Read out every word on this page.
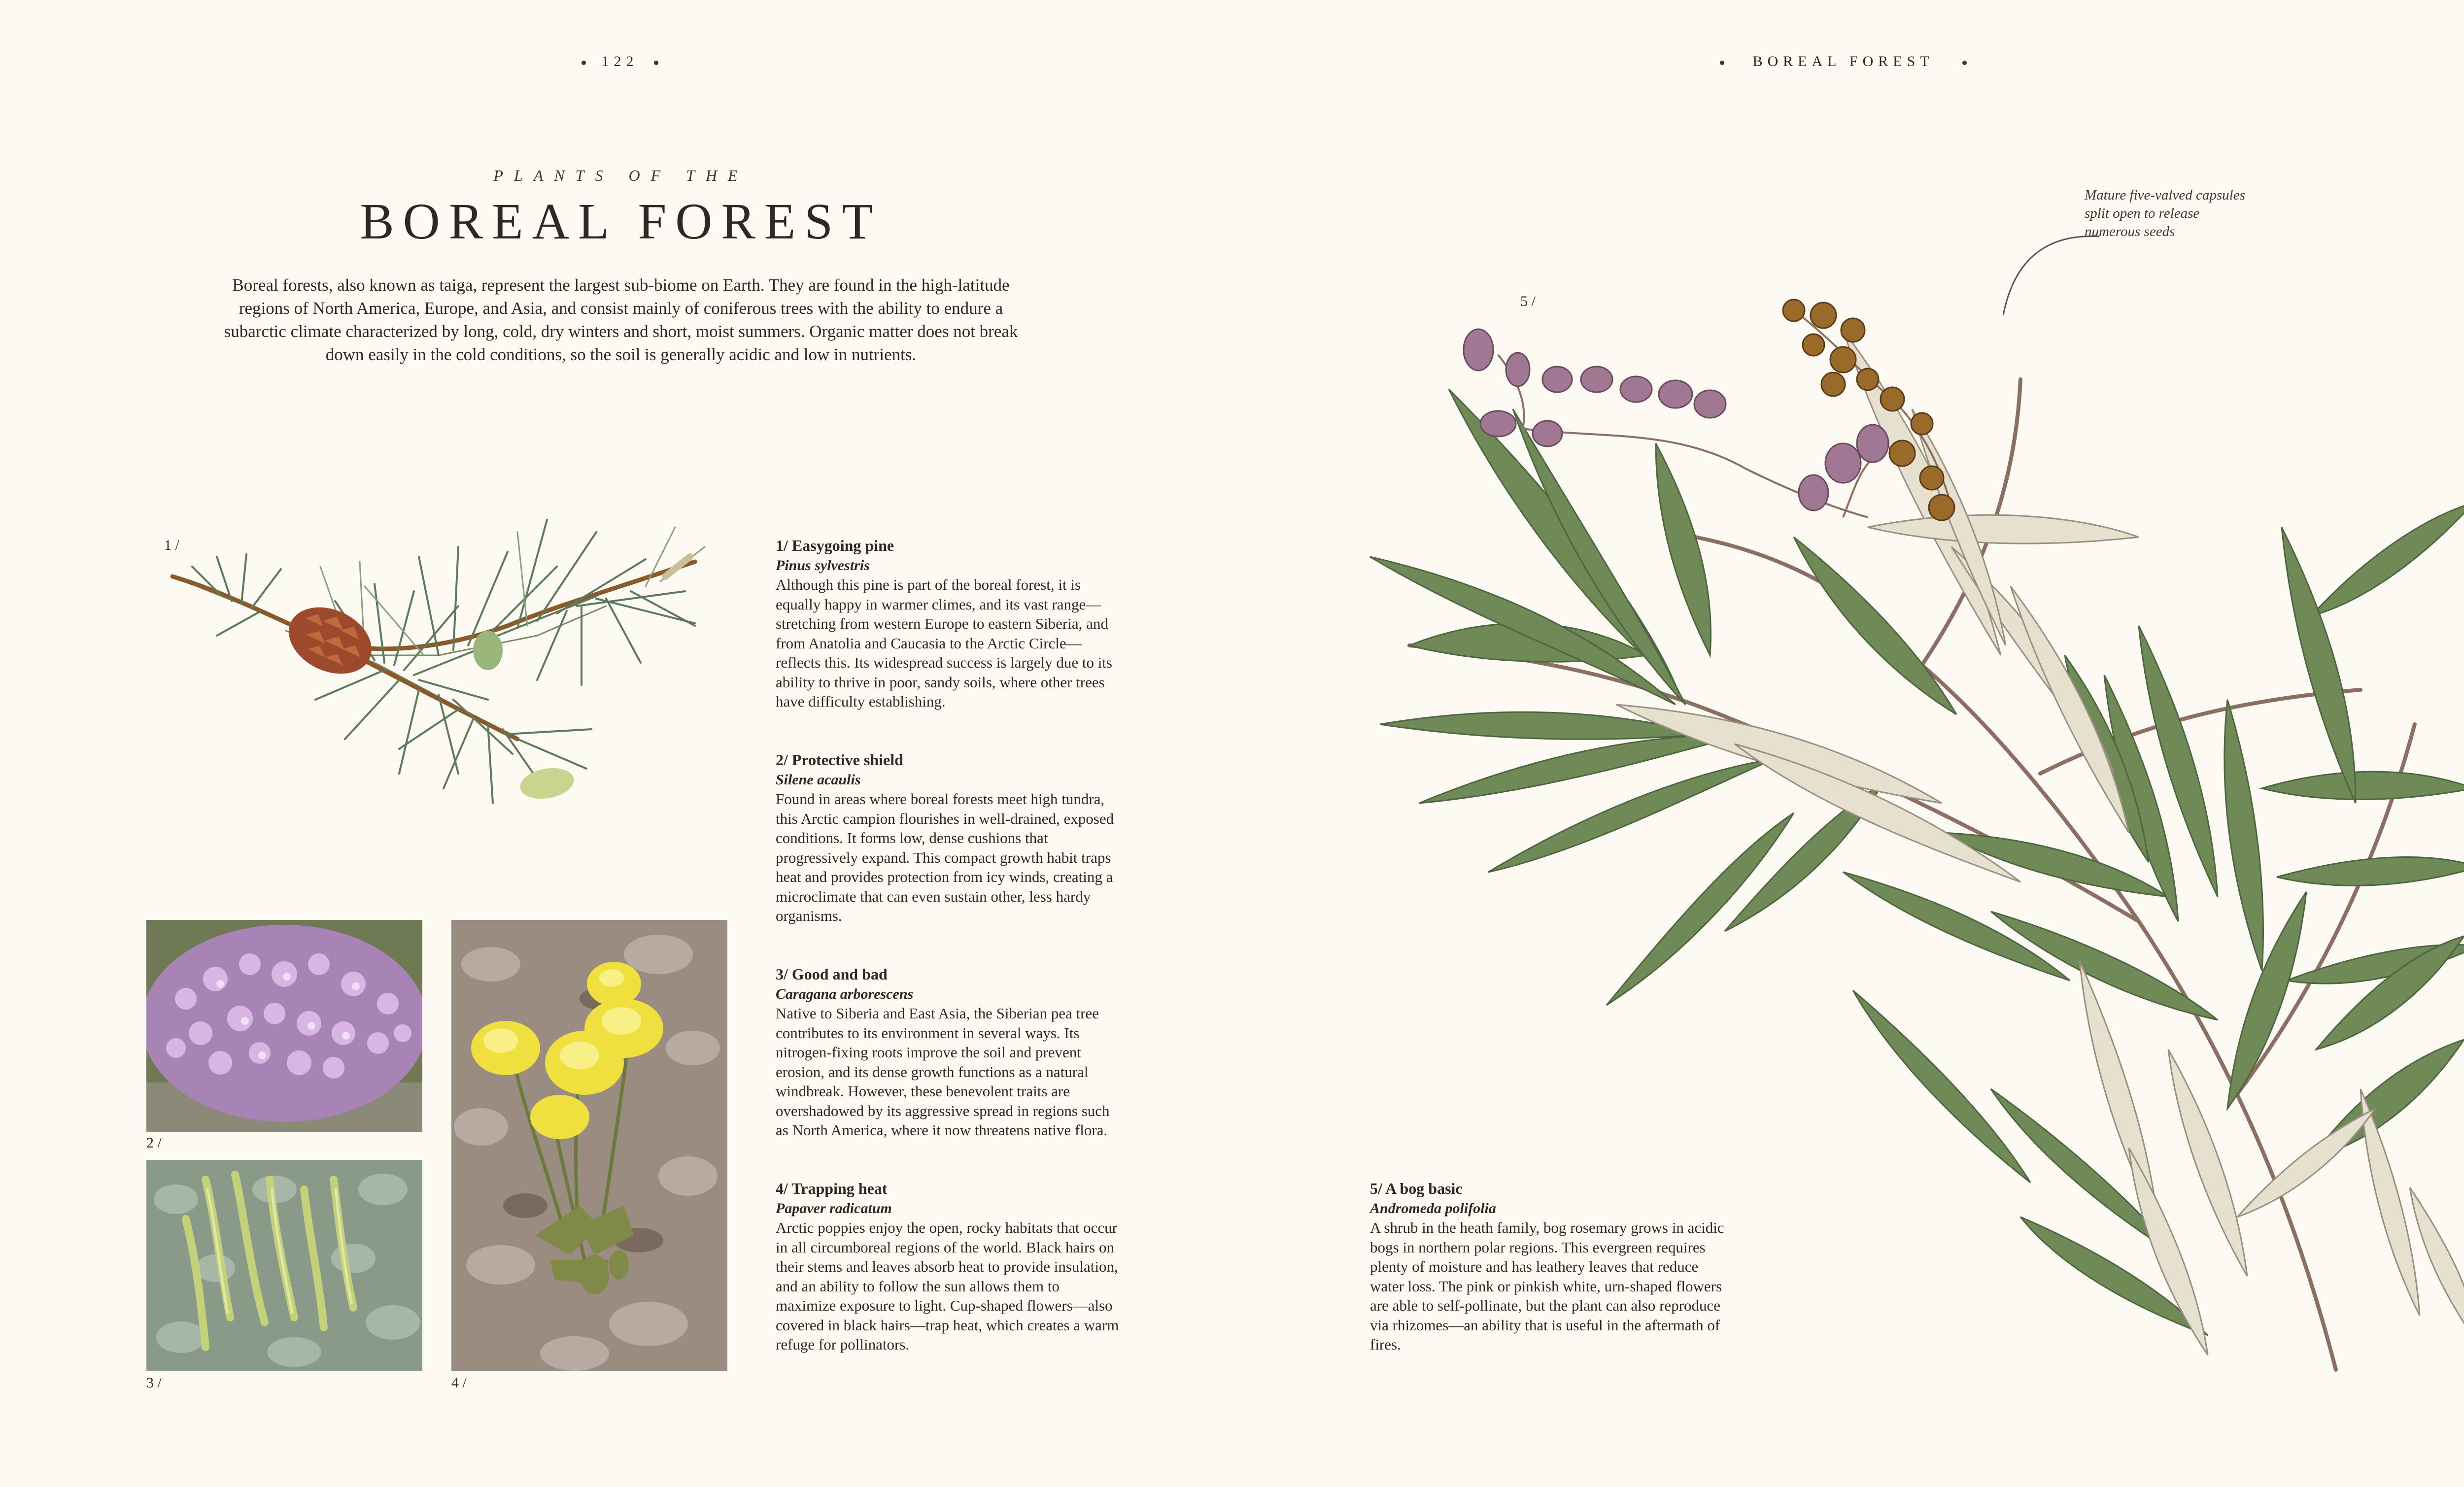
122
PLANTS OF THE
BOREAL FOREST
Boreal forests, also known as taiga, represent the largest sub-biome on Earth. They are found in the high-latitude regions of North America, Europe, and Asia, and consist mainly of coniferous trees with the ability to endure a subarctic climate characterized by long, cold, dry winters and short, moist summers. Organic matter does not break down easily in the cold conditions, so the soil is generally acidic and low in nutrients.
1 /
2 /
3 /	4 /

1/ Easygoing pine

Pinus sylvestris

Although this pine is part of the boreal forest, it is equally happy in warmer climes, and its vast range—stretching from western Europe to eastern Siberia, and from Anatolia and Caucasia to the Arctic Circle—reflects this. Its widespread success is largely due to its ability to thrive in poor, sandy soils, where other trees have difficulty establishing.

2/ Protective shield

Silene acaulis

Found in areas where boreal forests meet high tundra, this Arctic campion flourishes in well-drained, exposed conditions. It forms low, dense cushions that progressively expand. This compact growth habit traps heat and provides protection from icy winds, creating a microclimate that can even sustain other, less hardy organisms.

3/ Good and bad

Caragana arborescens

Native to Siberia and East Asia, the Siberian pea tree contributes to its environment in several ways. Its nitrogen-fixing roots improve the soil and prevent erosion, and its dense growth functions as a natural windbreak. However, these benevolent traits are overshadowed by its aggressive spread in regions such as North America, where it now threatens native flora.

4/ Trapping heat

Papaver radicatum

Arctic poppies enjoy the open, rocky habitats that occur in all circumboreal regions of the world. Black hairs on their stems and leaves absorb heat to provide insulation, and an ability to follow the sun allows them to maximize exposure to light. Cup-shaped flowers—also covered in black hairs—trap heat, which creates a warm refuge for pollinators.

BOREAL FOREST
Mature five-valved capsules split open to release numerous seeds
5 /

5/ A bog basic

Andromeda polifolia

A shrub in the heath family, bog rosemary grows in acidic bogs in northern polar regions. This evergreen requires plenty of moisture and has leathery leaves that reduce water loss. The pink or pinkish white, urn-shaped flowers are able to self-pollinate, but the plant can also reproduce via rhizomes—an ability that is useful in the aftermath of fires.
